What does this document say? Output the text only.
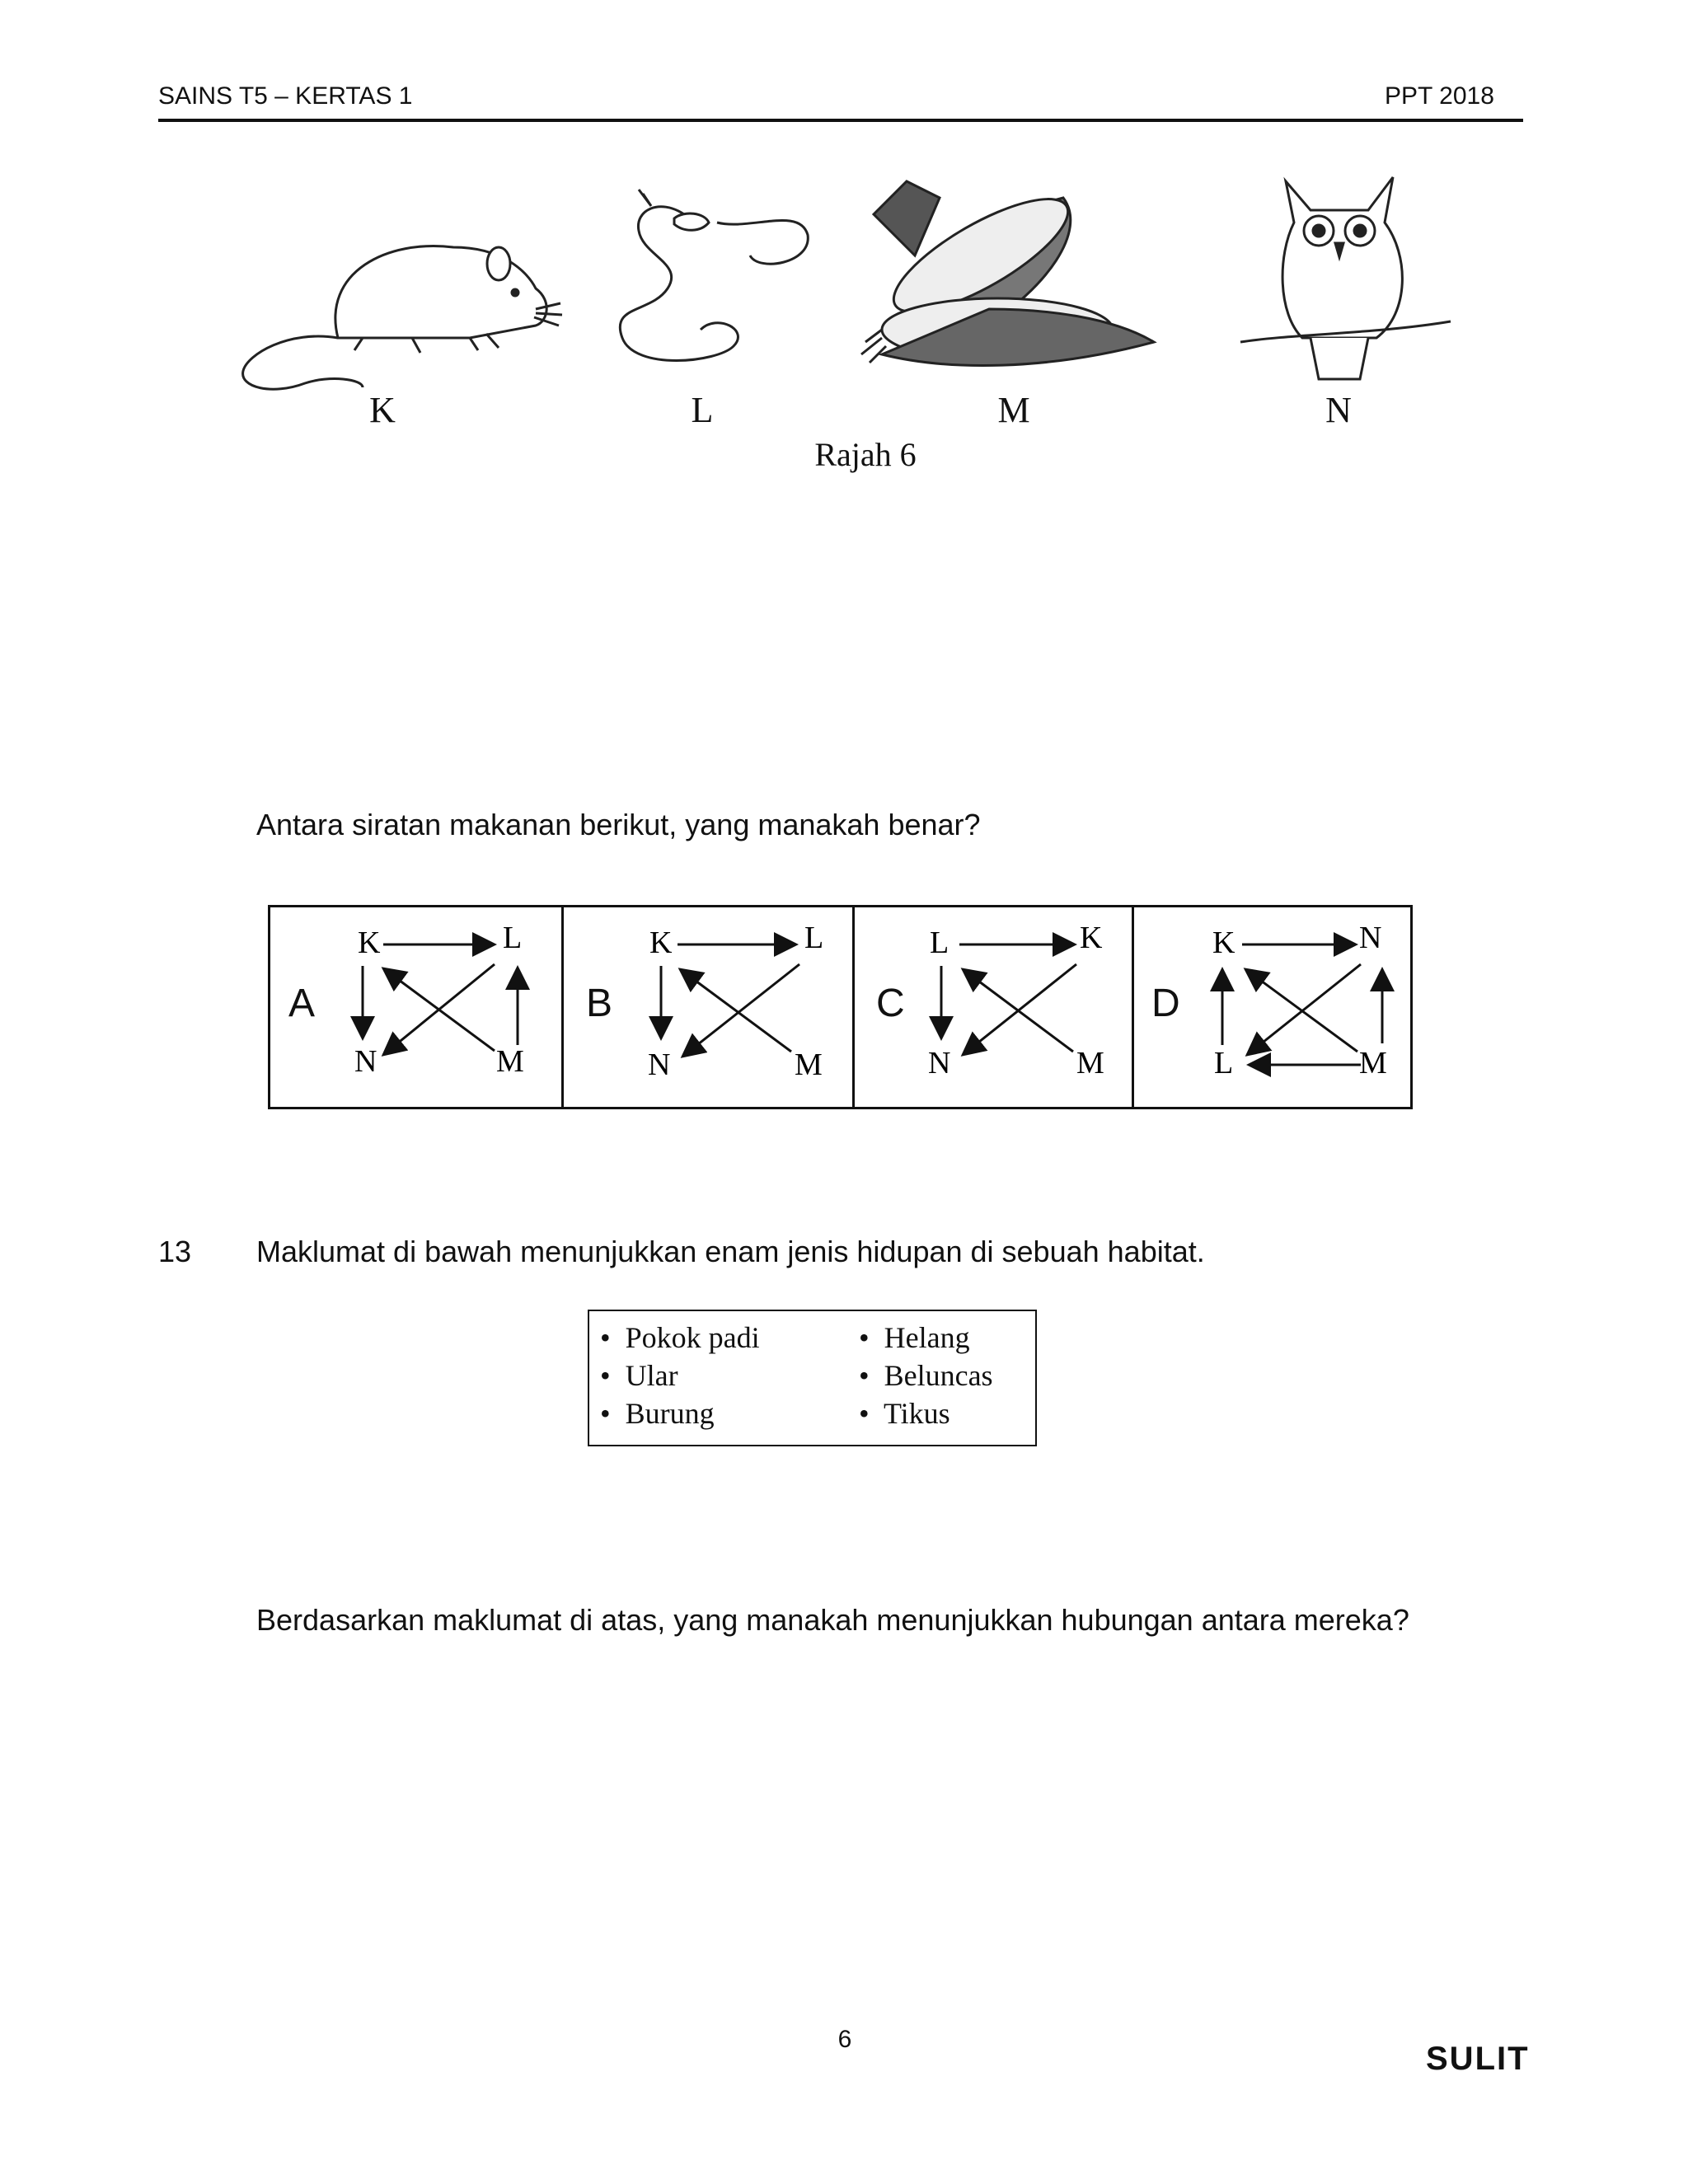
SAINS T5 – KERTAS 1	PPT 2018
K	L	M	N
Rajah 6
Antara siratan makanan berikut, yang manakah benar?
A	B	C	D
K	L
N	M
K	L
N	M
L	K
N	M
K	N
L	M
13 Maklumat di bawah menunjukkan enam jenis hidupan di sebuah habitat.
•  Pokok padi
•  Ular
•  Burung
•  Helang
•  Beluncas
•  Tikus
Berdasarkan maklumat di atas, yang manakah menunjukkan hubungan antara mereka?
6
SULIT
